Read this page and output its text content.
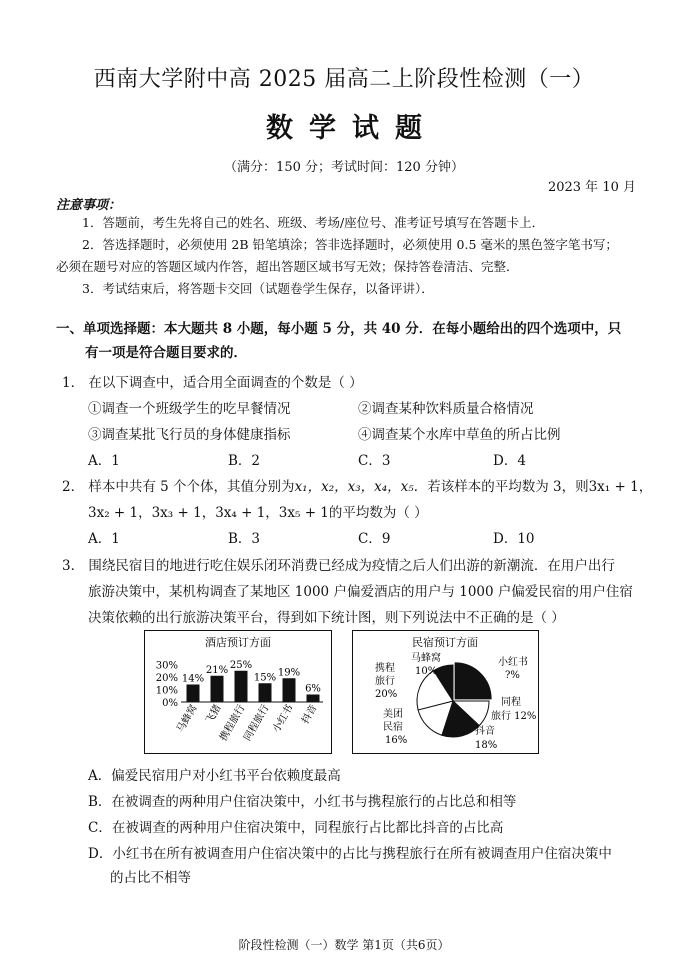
西南大学附中高 2025 届高二上阶段性检测（一）
数学试题
（满分：150 分；考试时间：120 分钟）
2023 年 10 月
注意事项：
1．答题前，考生先将自己的姓名、班级、考场/座位号、准考证号填写在答题卡上．
2．答选择题时，必须使用 2B 铅笔填涂；答非选择题时，必须使用 0.5 毫米的黑色签字笔书写；
必须在题号对应的答题区域内作答，超出答题区域书写无效；保持答卷清洁、完整．
3．考试结束后，将答题卡交回（试题卷学生保存，以备评讲）．
一、单项选择题：本大题共 8 小题，每小题 5 分，共 40 分．在每小题给出的四个选项中，只
有一项是符合题目要求的．
1． 在以下调查中，适合用全面调查的个数是（ ）
①调查一个班级学生的吃早餐情况	②调查某种饮料质量合格情况
③调查某批飞行员的身体健康指标	④调查某个水库中草鱼的所占比例
A．1	B．2	C．3	D．4
2． 样本中共有 5 个个体，其值分别为x₁，x₂，x₃，x₄，x₅．若该样本的平均数为 3，则3x₁ + 1，
3x₂ + 1，3x₃ + 1，3x₄ + 1，3x₅ + 1的平均数为（ ）
A．1	B．3	C．9	D．10
3． 围绕民宿目的地进行吃住娱乐闭环消费已经成为疫情之后人们出游的新潮流．在用户出行
旅游决策中，某机构调查了某地区 1000 户偏爱酒店的用户与 1000 户偏爱民宿的用户住宿
决策依赖的出行旅游决策平台，得到如下统计图，则下列说法中不正确的是（ ）
酒店预订方面
30%
20%
10%
0%
14%
马蜂窝
21%
飞猪
25%
携程旅行
15%
同程旅行
19%
小红书
6%
抖音
民宿预订方面
小红书
?%
同程
旅行 12%
抖音
18%
美团
民宿
16%
携程
旅行
20%
马蜂窝
10%
A．偏爱民宿用户对小红书平台依赖度最高
B．在被调查的两种用户住宿决策中，小红书与携程旅行的占比总和相等
C．在被调查的两种用户住宿决策中，同程旅行占比都比抖音的占比高
D．小红书在所有被调查用户住宿决策中的占比与携程旅行在所有被调查用户住宿决策中
的占比不相等
阶段性检测（一）数学 第1页（共6页）
